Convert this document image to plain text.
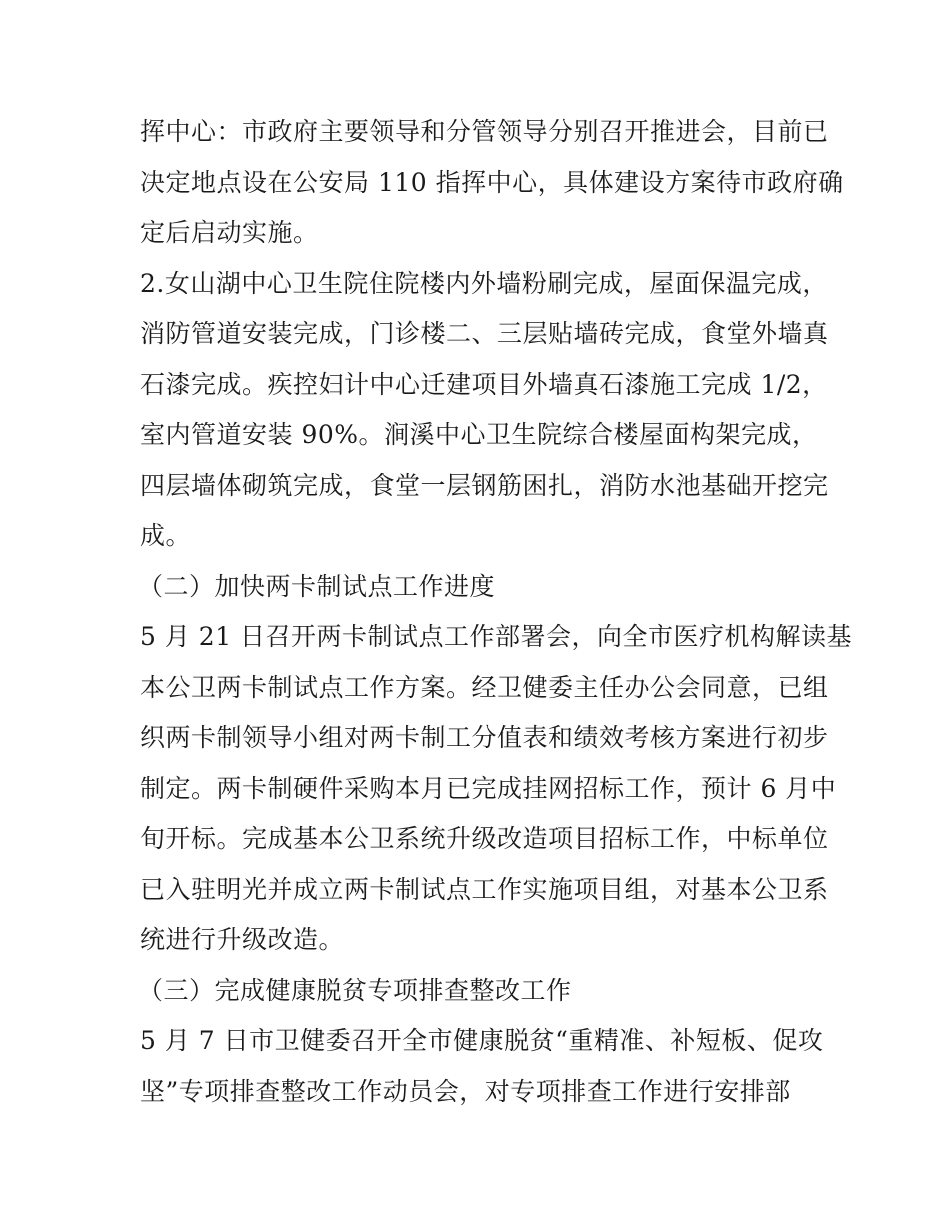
挥中心：市政府主要领导和分管领导分别召开推进会，目前已
决定地点设在公安局 110 指挥中心，具体建设方案待市政府确
定后启动实施。
2.女山湖中心卫生院住院楼内外墙粉刷完成，屋面保温完成，
消防管道安装完成，门诊楼二、三层贴墙砖完成，食堂外墙真
石漆完成。疾控妇计中心迁建项目外墙真石漆施工完成 1/2，
室内管道安装 90%。涧溪中心卫生院综合楼屋面构架完成，
四层墙体砌筑完成，食堂一层钢筋困扎，消防水池基础开挖完
成。
（二）加快两卡制试点工作进度
5 月 21 日召开两卡制试点工作部署会，向全市医疗机构解读基
本公卫两卡制试点工作方案。经卫健委主任办公会同意，已组
织两卡制领导小组对两卡制工分值表和绩效考核方案进行初步
制定。两卡制硬件采购本月已完成挂网招标工作，预计 6 月中
旬开标。完成基本公卫系统升级改造项目招标工作，中标单位
已入驻明光并成立两卡制试点工作实施项目组，对基本公卫系
统进行升级改造。
（三）完成健康脱贫专项排查整改工作
5 月 7 日市卫健委召开全市健康脱贫“重精准、补短板、促攻
坚”专项排查整改工作动员会，对专项排查工作进行安排部
